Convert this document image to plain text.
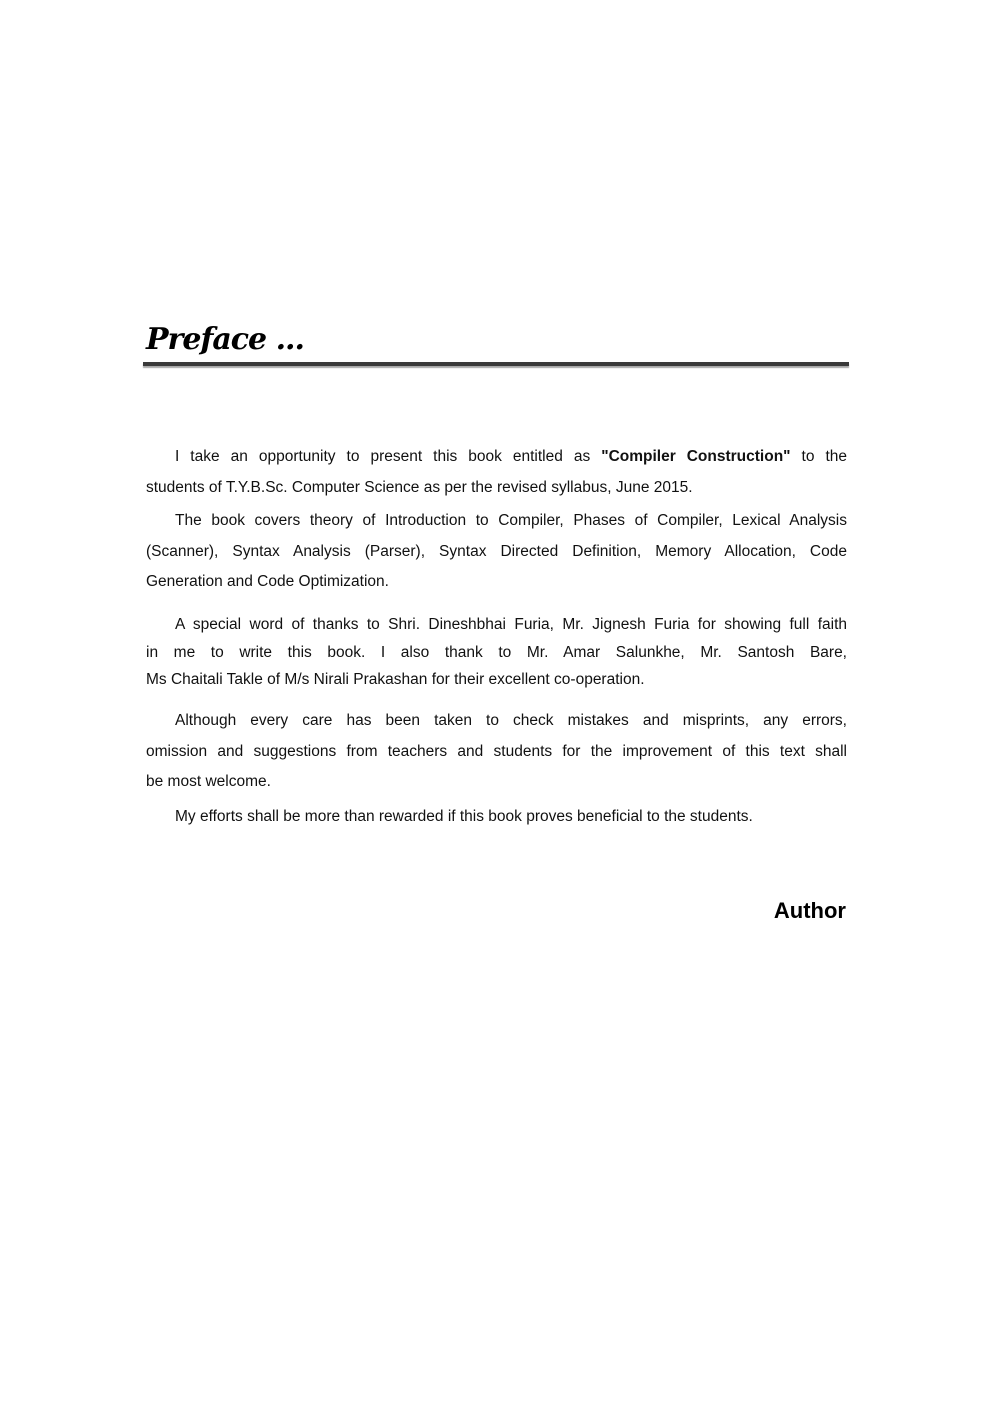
Preface ...
I take an opportunity to present this book entitled as "Compiler Construction" to the
students of T.Y.B.Sc. Computer Science as per the revised syllabus, June 2015.
The book covers theory of Introduction to Compiler, Phases of Compiler, Lexical Analysis
(Scanner), Syntax Analysis (Parser), Syntax Directed Definition, Memory Allocation, Code
Generation and Code Optimization.
A special word of thanks to Shri. Dineshbhai Furia, Mr. Jignesh Furia for showing full faith
in me to write this book. I also thank to Mr. Amar Salunkhe, Mr. Santosh Bare,
Ms Chaitali Takle of M/s Nirali Prakashan for their excellent co-operation.
Although every care has been taken to check mistakes and misprints, any errors,
omission and suggestions from teachers and students for the improvement of this text shall
be most welcome.
My efforts shall be more than rewarded if this book proves beneficial to the students.
Author
